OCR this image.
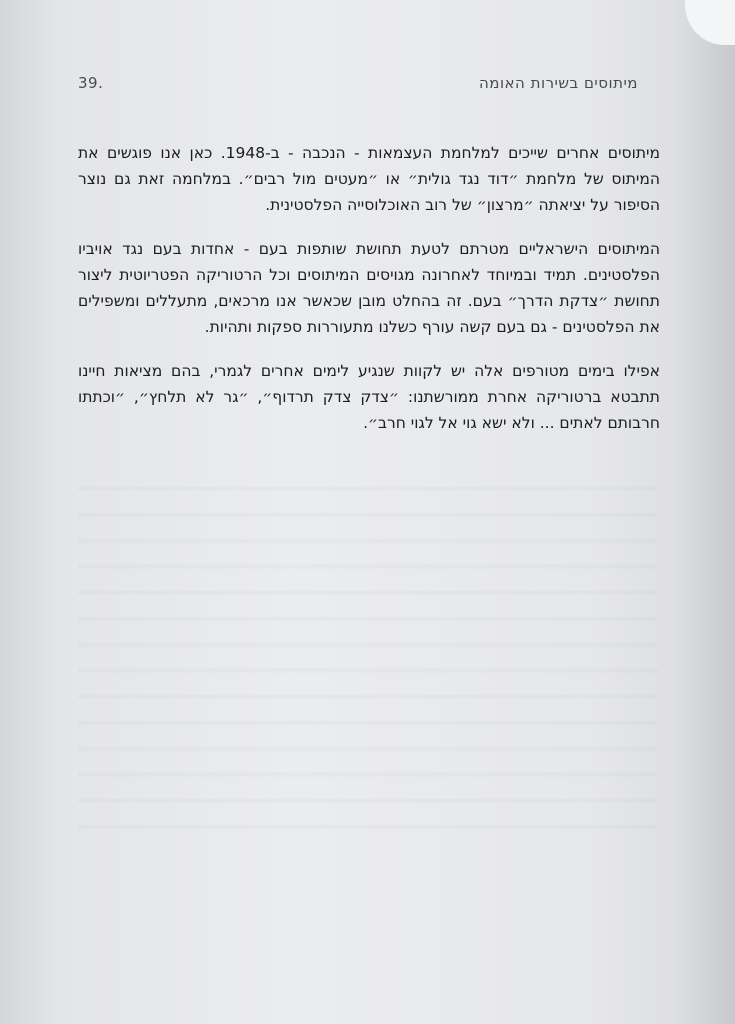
מיתוסים בשירות האומה
39.

מיתוסים אחרים שייכים למלחמת העצמאות - הנכבה - ב-1948. כאן אנו פוגשים את המיתוס של מלחמת ״דוד נגד גולית״ או ״מעטים מול רבים״. במלחמה זאת גם נוצר הסיפור על יציאתה ״מרצון״ של רוב האוכלוסייה הפלסטינית.

המיתוסים הישראליים מטרתם לטעת תחושת שותפות בעם - אחדות בעם נגד אויביו הפלסטינים. תמיד ובמיוחד לאחרונה מגויסים המיתוסים וכל הרטוריקה הפטריוטית ליצור תחושת ״צדקת הדרך״ בעם. זה בהחלט מובן שכאשר אנו מרכאים, מתעללים ומשפילים את הפלסטינים - גם בעם קשה עורף כשלנו מתעוררות ספקות ותהיות.

אפילו בימים מטורפים אלה יש לקוות שנגיע לימים אחרים לגמרי, בהם מציאות חיינו תתבטא ברטוריקה אחרת ממורשתנו: ״צדק צדק תרדוף״, ״גר לא תלחץ״, ״וכתתו חרבותם לאתים ... ולא ישא גוי אל לגוי חרב״.
